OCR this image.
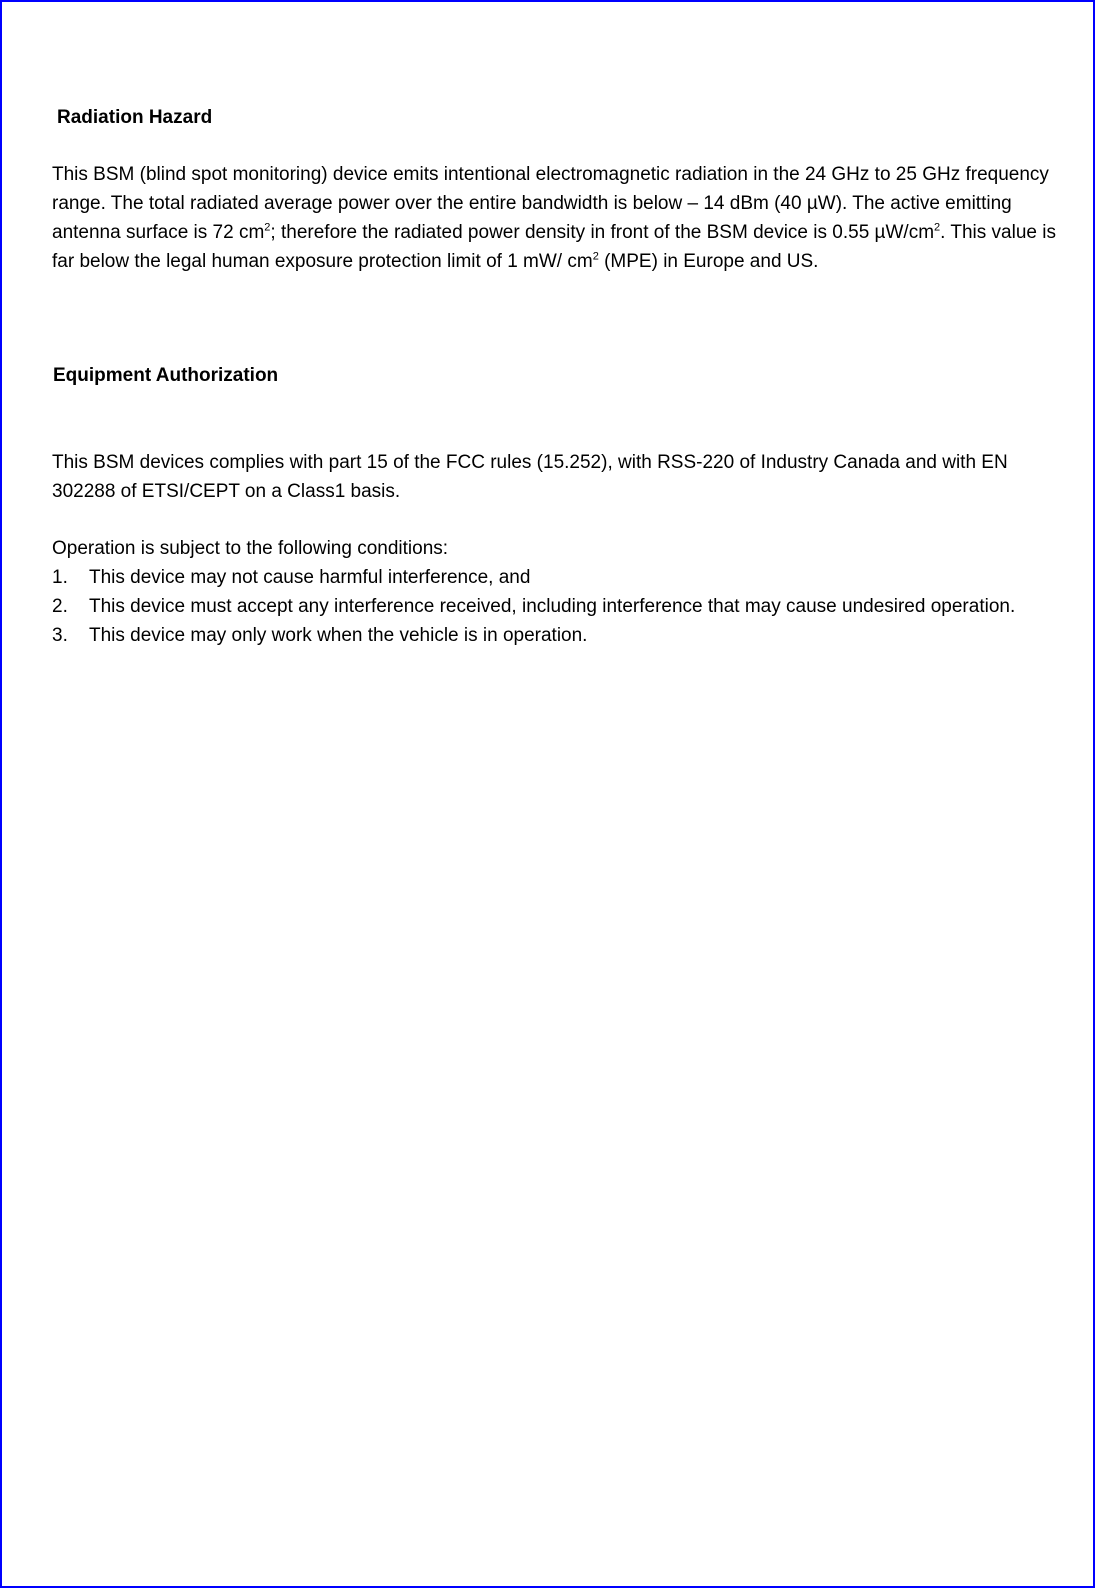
Radiation Hazard

This BSM (blind spot monitoring) device emits intentional electromagnetic radiation in the 24 GHz to 25 GHz frequency range. The total radiated average power over the entire bandwidth is below – 14 dBm (40 µW). The active emitting antenna surface is 72 $cm^2$; therefore the radiated power density in front of the BSM device is 0.55 $\mu W/cm^2$. This value is far below the legal human exposure protection limit of 1 mW/ $cm^2$ (MPE) in Europe and US.

Equipment Authorization

This BSM devices complies with part 15 of the FCC rules (15.252), with RSS-220 of Industry Canada and with EN 302288 of ETSI/CEPT on a Class1 basis.

Operation is subject to the following conditions:

1. This device may not cause harmful interference, and
2. This device must accept any interference received, including interference that may cause undesired operation.
3. This device may only work when the vehicle is in operation.
